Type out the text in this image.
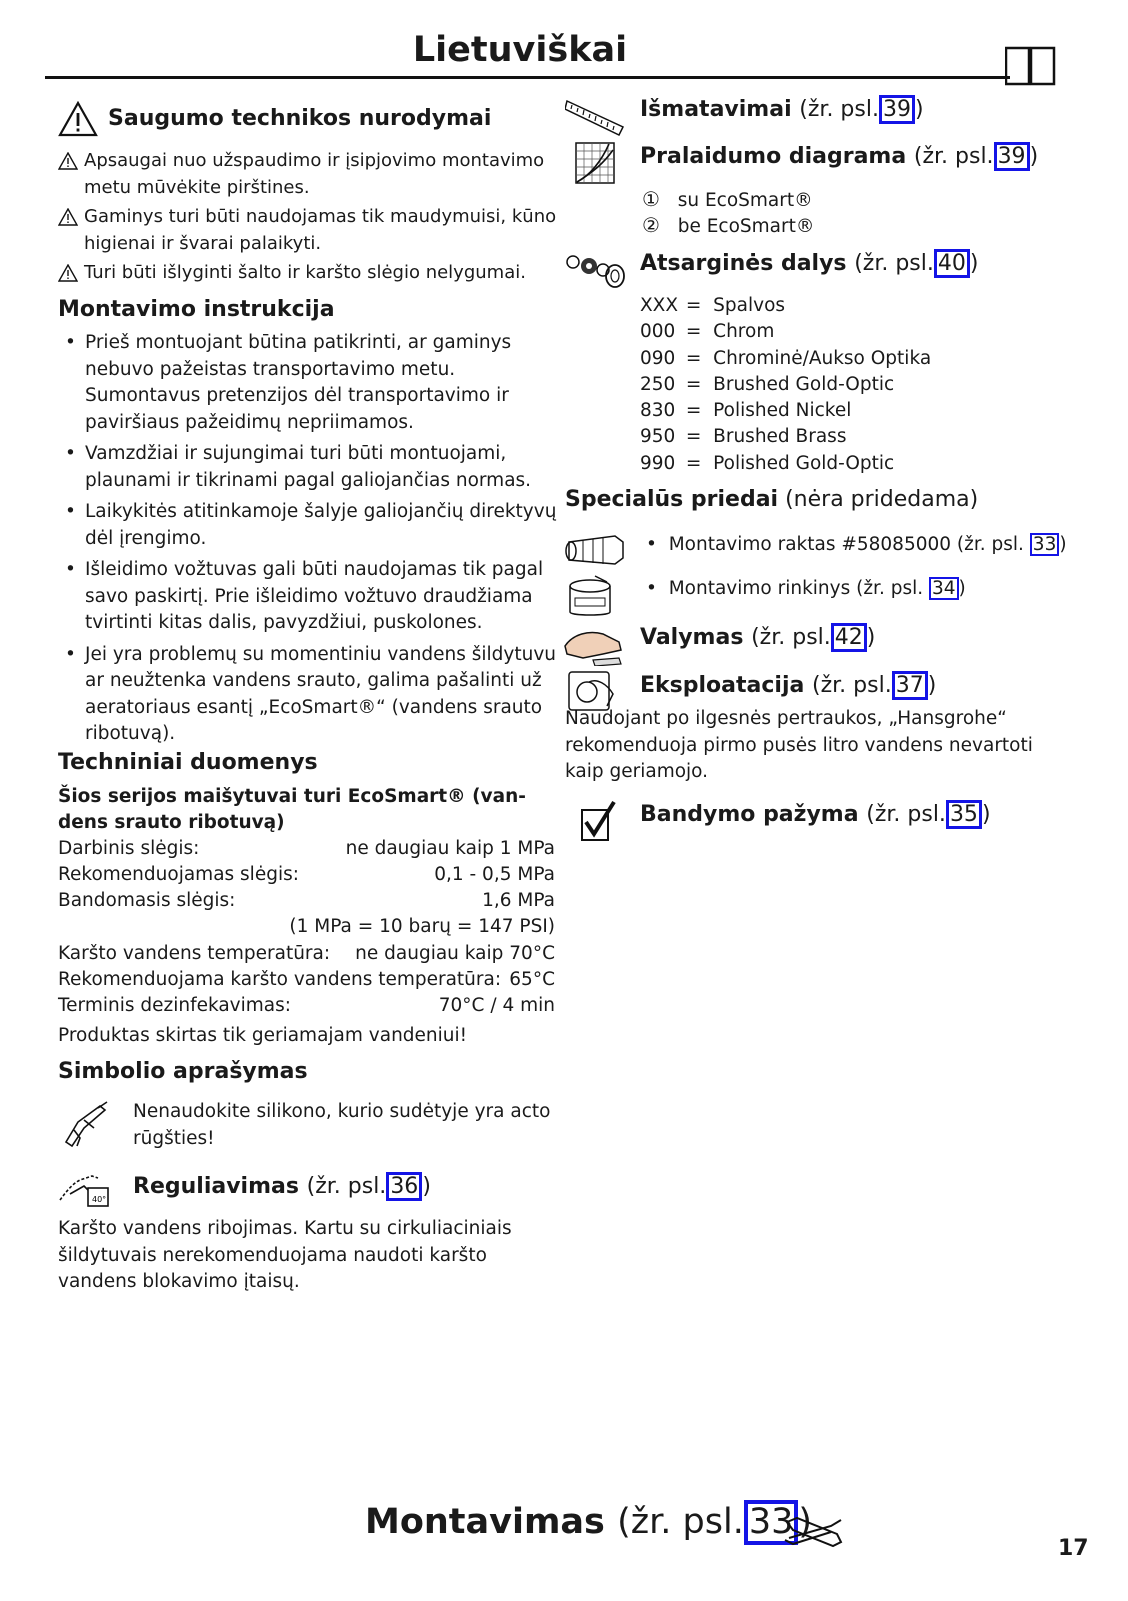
Lietuviškai
Saugumo technikos nurodymai
Apsaugai nuo užspaudimo ir įsipjovimo montavimo metu mūvėkite pirštines.
Gaminys turi būti naudojamas tik maudymuisi, kūno higienai ir švarai palaikyti.
Turi būti išlyginti šalto ir karšto slėgio nelygumai.
Montavimo instrukcija
• Prieš montuojant būtina patikrinti, ar gaminys nebuvo pažeistas transportavimo metu. Sumontavus pretenzijos dėl transportavimo ir paviršiaus pažeidimų nepriimamos.
• Vamzdžiai ir sujungimai turi būti montuojami, plaunami ir tikrinami pagal galiojančias normas.
• Laikykitės atitinkamoje šalyje galiojančių direktyvų dėl įrengimo.
• Išleidimo vožtuvas gali būti naudojamas tik pagal savo paskirtį. Prie išleidimo vožtuvo draudžiama tvirtinti kitas dalis, pavyzdžiui, puskolones.
• Jei yra problemų su momentiniu vandens šildytuvu ar neužtenka vandens srauto, galima pašalinti už aeratoriaus esantį „EcoSmart®“ (vandens srauto ribotuvą).
Techniniai duomenys
Šios serijos maišytuvai turi EcoSmart® (van-
dens srauto ribotuvą)
Darbinis slėgis:	ne daugiau kaip 1 MPa
Rekomenduojamas slėgis:	0,1 - 0,5 MPa
Bandomasis slėgis:	1,6 MPa
(1 MPa = 10 barų = 147 PSI)
Karšto vandens temperatūra: ne daugiau kaip 70°C
Rekomenduojama karšto vandens temperatūra: 65°C
Terminis dezinfekavimas:	70°C / 4 min
Produktas skirtas tik geriamajam vandeniui!
Simbolio aprašymas
Nenaudokite silikono, kurio sudėtyje yra acto rūgšties!
40°
Reguliavimas (žr. psl. 36 )
Karšto vandens ribojimas. Kartu su cirkuliaciniais šildytuvais nerekomenduojama naudoti karšto vandens blokavimo įtaisų.
Išmatavimai (žr. psl. 39 )
Pralaidumo diagrama (žr. psl. 39 )
① su EcoSmart®
② be EcoSmart®
Atsarginės dalys (žr. psl. 40 )
XXX =  Spalvos
000 =  Chrom
090 =  Chrominė/Aukso Optika
250 =  Brushed Gold-Optic
830 =  Polished Nickel
950 =  Brushed Brass
990 =  Polished Gold-Optic
Specialūs priedai (nėra pridedama)
• Montavimo raktas #58085000 (žr. psl. 33 )
• Montavimo rinkinys (žr. psl. 34 )
Valymas (žr. psl. 42 )
Eksploatacija (žr. psl. 37 )
Naudojant po ilgesnės pertraukos, „Hansgrohe“ rekomenduoja pirmo pusės litro vandens nevartoti kaip geriamojo.
Bandymo pažyma (žr. psl. 35 )
Montavimas (žr. psl. 33 )
17
